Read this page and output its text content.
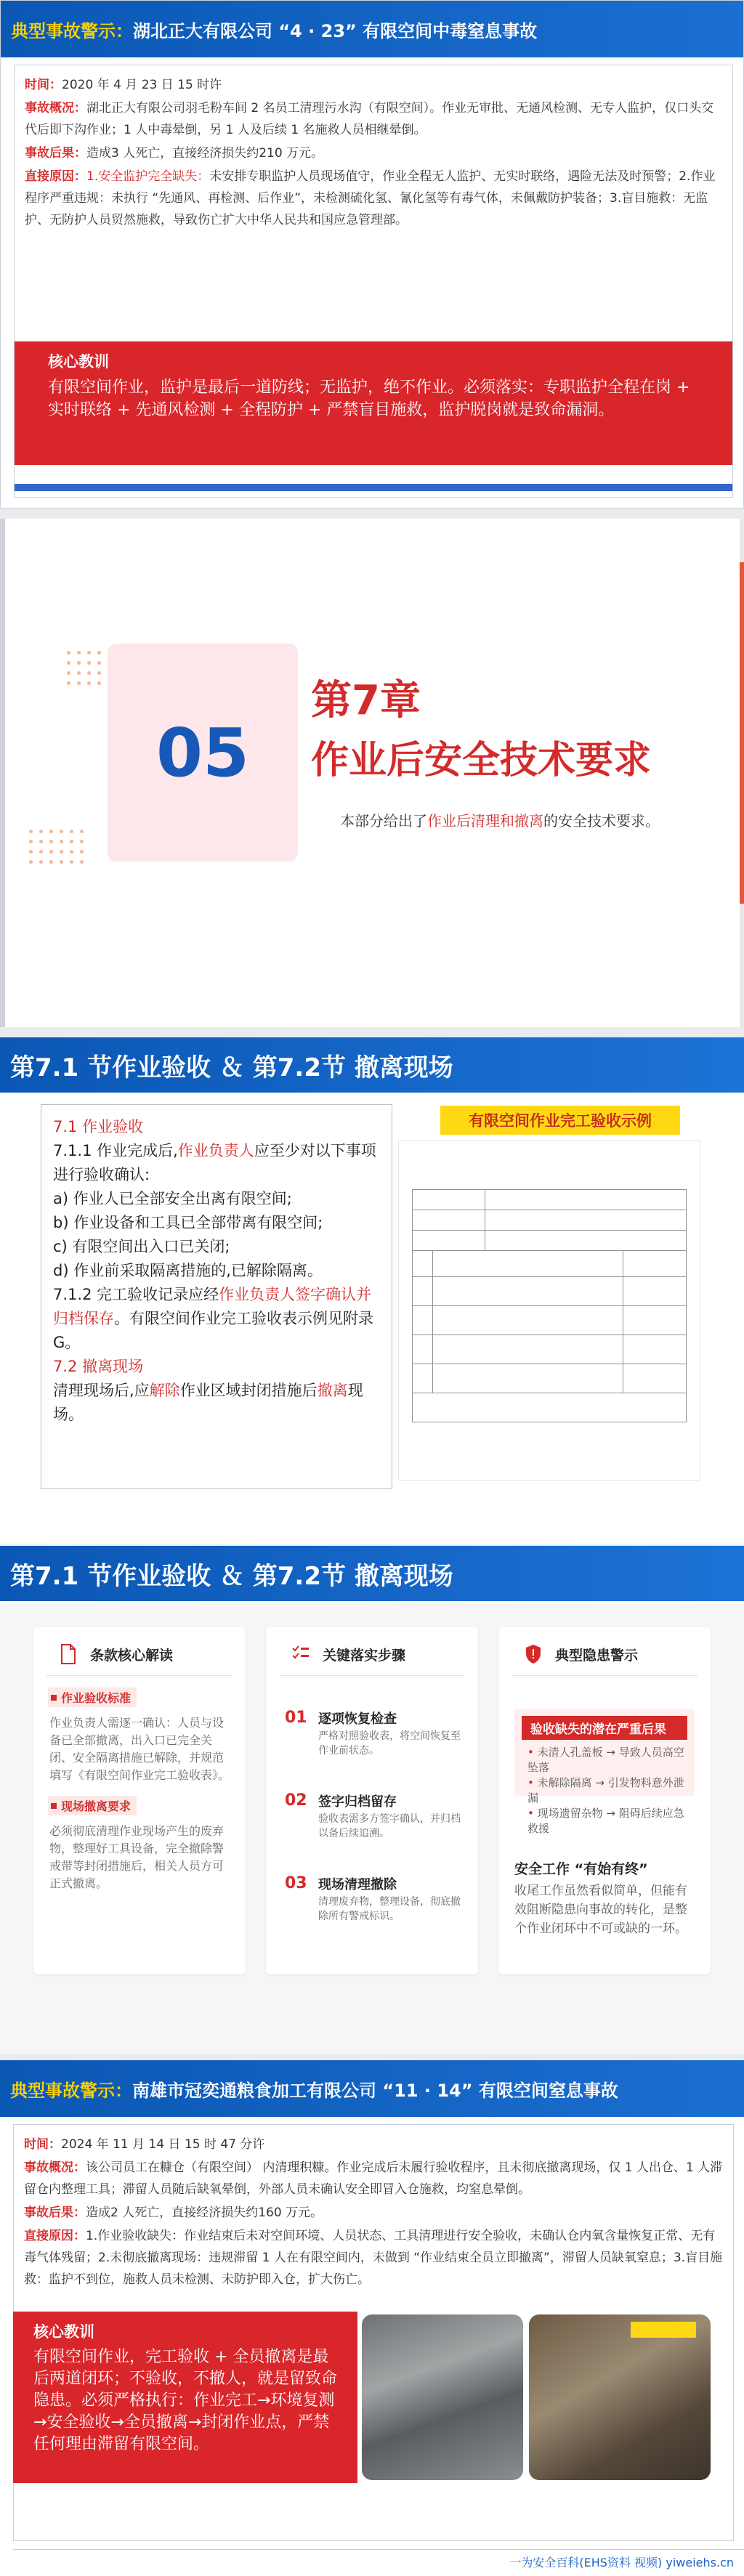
典型事故警示： 湖北正大有限公司 “4 · 23” 有限空间中毒窒息事故

时间：2020 年 4 月 23 日 15 时许

事故概况：湖北正大有限公司羽毛粉车间 2 名员工清理污水沟（有限空间）。作业无审批、无通风检测、无专人监护，仅口头交代后即下沟作业；1 人中毒晕倒，另 1 人及后续 1 名施救人员相继晕倒。

事故后果：造成3 人死亡，直接经济损失约210 万元。

直接原因：1.安全监护完全缺失：未安排专职监护人员现场值守，作业全程无人监护、无实时联络，遇险无法及时预警；2.作业程序严重违规：未执行 “先通风、再检测、后作业”，未检测硫化氢、氰化氢等有毒气体，未佩戴防护装备；3.盲目施救：无监护、无防护人员贸然施救，导致伤亡扩大中华人民共和国应急管理部。

核心教训
有限空间作业，监护是最后一道防线；无监护，绝不作业。必须落实：专职监护全程在岗 + 实时联络 + 先通风检测 + 全程防护 + 严禁盲目施救，监护脱岗就是致命漏洞。
05
第7章
作业后安全技术要求
本部分给出了作业后清理和撤离的安全技术要求。
第7.1 节作业验收 ＆ 第7.2节 撤离现场
7.1 作业验收
7.1.1 作业完成后,作业负责人应至少对以下事项进行验收确认:
a) 作业人已全部安全出离有限空间;
b) 作业设备和工具已全部带离有限空间;
c) 有限空间出入口已关闭;
d) 作业前采取隔离措施的,已解除隔离。
7.1.2 完工验收记录应经作业负责人签字确认并归档保存。有限空间作业完工验收表示例见附录 G。
7.2 撤离现场
清理现场后,应解除作业区域封闭措施后撤离现场。
有限空间作业完工验收示例
第7.1 节作业验收 ＆ 第7.2节 撤离现场
条款核心解读
作业验收标准
作业负责人需逐一确认：人员与设备已全部撤离，出入口已完全关闭、安全隔离措施已解除，并规范填写《有限空间作业完工验收表》。
现场撤离要求
必须彻底清理作业现场产生的废弃物，整理好工具设备，完全撤除警戒带等封闭措施后，相关人员方可正式撤离。
关键落实步骤
01 逐项恢复检查
严格对照验收表，将空间恢复至作业前状态。
02 签字归档留存
验收表需多方签字确认，并归档以备后续追溯。
03 现场清理撤除
清理废弃物，整理设备，彻底撤除所有警戒标识。
典型隐患警示
验收缺失的潜在严重后果
• 未清人孔盖板 → 导致人员高空坠落
• 未解除隔离 → 引发物料意外泄漏
• 现场遗留杂物 → 阻碍后续应急救援
安全工作 “有始有终”
收尾工作虽然看似简单，但能有效阻断隐患向事故的转化，是整个作业闭环中不可或缺的一环。
典型事故警示： 南雄市冠奕通粮食加工有限公司 “11 · 14” 有限空间窒息事故

时间：2024 年 11 月 14 日 15 时 47 分许

事故概况：该公司员工在糠仓（有限空间） 内清理积糠。作业完成后未履行验收程序，且未彻底撤离现场，仅 1 人出仓、1 人滞留仓内整理工具；滞留人员随后缺氧晕倒，外部人员未确认安全即冒入仓施救，均窒息晕倒。

事故后果：造成2 人死亡，直接经济损失约160 万元。

直接原因：1.作业验收缺失：作业结束后未对空间环境、人员状态、工具清理进行安全验收，未确认仓内氧含量恢复正常、无有毒气体残留；2.未彻底撤离现场：违规滞留 1 人在有限空间内，未做到 “作业结束全员立即撤离”，滞留人员缺氧窒息；3.盲目施救：监护不到位，施救人员未检测、未防护即入仓，扩大伤亡。

核心教训
有限空间作业，完工验收 + 全员撤离是最后两道闭环；不验收，不撤人，就是留致命隐患。必须严格执行：作业完工→环境复测→安全验收→全员撤离→封闭作业点，严禁任何理由滞留有限空间。
一为安全百科(EHS资料 视频) yiweiehs.cn
